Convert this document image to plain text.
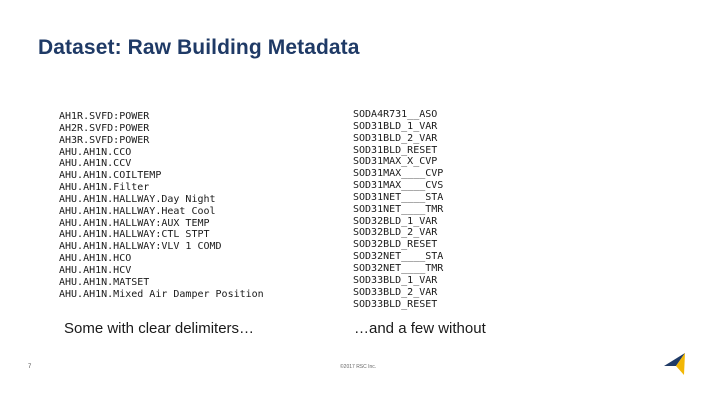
Dataset: Raw Building Metadata
AH1R.SVFD:POWER
AH2R.SVFD:POWER
AH3R.SVFD:POWER
AHU.AH1N.CCO
AHU.AH1N.CCV
AHU.AH1N.COILTEMP
AHU.AH1N.Filter
AHU.AH1N.HALLWAY.Day Night
AHU.AH1N.HALLWAY.Heat Cool
AHU.AH1N.HALLWAY:AUX TEMP
AHU.AH1N.HALLWAY:CTL STPT
AHU.AH1N.HALLWAY:VLV 1 COMD
AHU.AH1N.HCO
AHU.AH1N.HCV
AHU.AH1N.MATSET
AHU.AH1N.Mixed Air Damper Position
SODA4R731__ASO
SOD31BLD_1_VAR
SOD31BLD_2_VAR
SOD31BLD_RESET
SOD31MAX_X_CVP
SOD31MAX____CVP
SOD31MAX____CVS
SOD31NET____STA
SOD31NET____TMR
SOD32BLD_1_VAR
SOD32BLD_2_VAR
SOD32BLD_RESET
SOD32NET____STA
SOD32NET____TMR
SOD33BLD_1_VAR
SOD33BLD_2_VAR
SOD33BLD_RESET
Some with clear delimiters…	…and a few without
7	©2017 RSC Inc.
